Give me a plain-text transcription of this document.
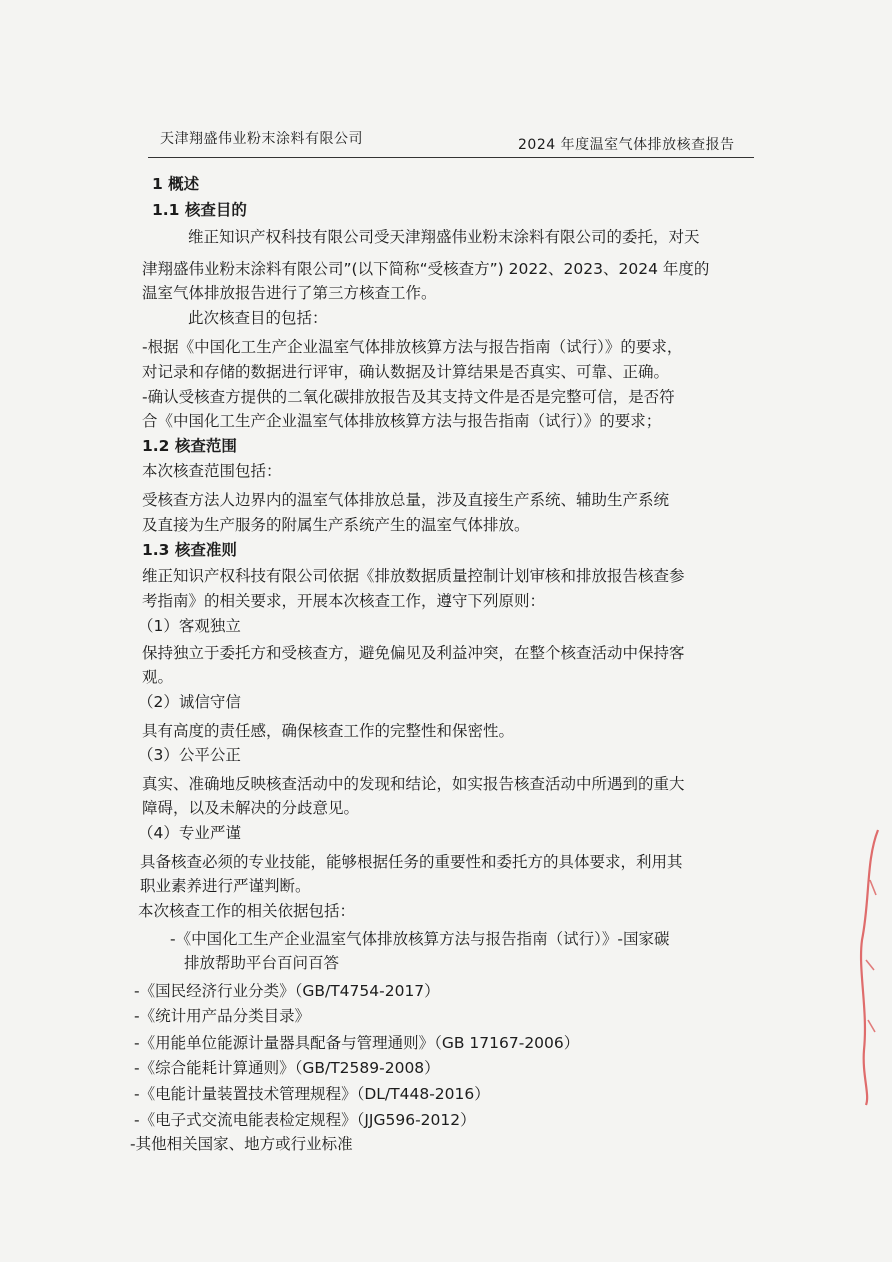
天津翔盛伟业粉末涂料有限公司	2024 年度温室气体排放核查报告
1 概述
1.1 核查目的
维正知识产权科技有限公司受天津翔盛伟业粉末涂料有限公司的委托，对天
津翔盛伟业粉末涂料有限公司”(以下简称“受核查方”) 2022、2023、2024 年度的
温室气体排放报告进行了第三方核查工作。
此次核查目的包括：
-根据《中国化工生产企业温室气体排放核算方法与报告指南（试行）》的要求，
对记录和存储的数据进行评审，确认数据及计算结果是否真实、可靠、正确。
-确认受核查方提供的二氧化碳排放报告及其支持文件是否是完整可信，是否符
合《中国化工生产企业温室气体排放核算方法与报告指南（试行）》的要求；
1.2 核查范围
本次核查范围包括：
受核查方法人边界内的温室气体排放总量，涉及直接生产系统、辅助生产系统
及直接为生产服务的附属生产系统产生的温室气体排放。
1.3 核查准则
维正知识产权科技有限公司依据《排放数据质量控制计划审核和排放报告核查参
考指南》的相关要求，开展本次核查工作，遵守下列原则：
（1）客观独立
保持独立于委托方和受核查方，避免偏见及利益冲突，在整个核查活动中保持客
观。
（2）诚信守信
具有高度的责任感，确保核查工作的完整性和保密性。
（3）公平公正
真实、准确地反映核查活动中的发现和结论，如实报告核查活动中所遇到的重大
障碍，以及未解决的分歧意见。
（4）专业严谨
具备核查必须的专业技能，能够根据任务的重要性和委托方的具体要求，利用其
职业素养进行严谨判断。
本次核查工作的相关依据包括：
-《中国化工生产企业温室气体排放核算方法与报告指南（试行）》-国家碳
排放帮助平台百问百答
-《国民经济行业分类》（GB/T4754-2017）
-《统计用产品分类目录》
-《用能单位能源计量器具配备与管理通则》（GB 17167-2006）
-《综合能耗计算通则》（GB/T2589-2008）
-《电能计量装置技术管理规程》（DL/T448-2016）
-《电子式交流电能表检定规程》（JJG596-2012）
-其他相关国家、地方或行业标准
